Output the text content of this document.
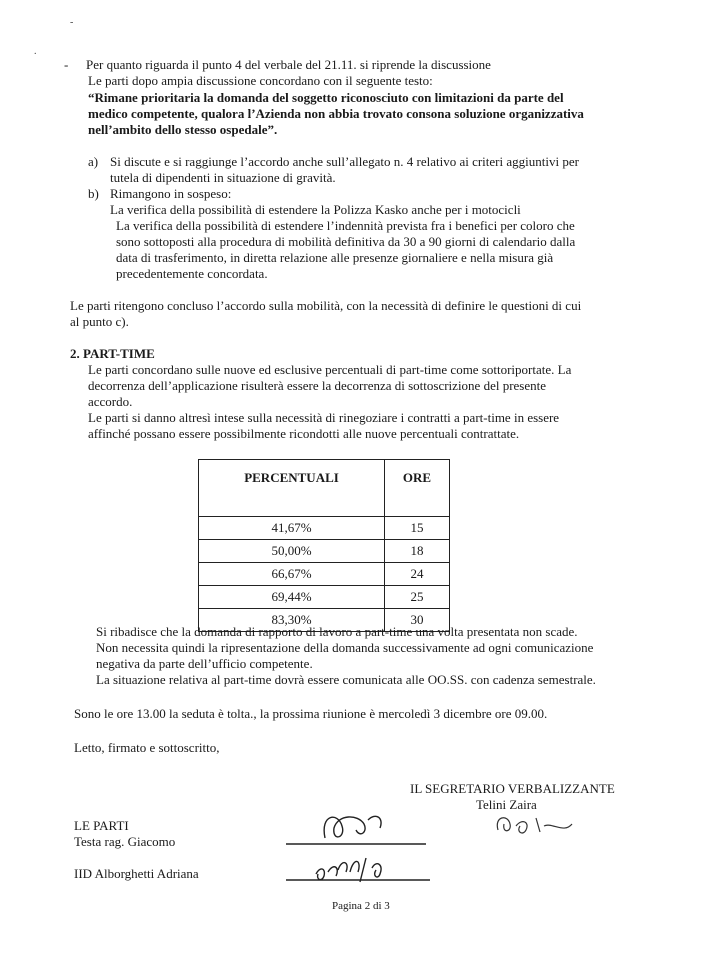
-
.
- Per quanto riguarda il punto 4 del verbale del 21.11. si riprende la discussione
Le parti dopo ampia discussione concordano con il seguente testo:
“Rimane prioritaria la domanda del soggetto riconosciuto con limitazioni da parte del
medico competente, qualora l’Azienda non abbia trovato consona soluzione organizzativa
nell’ambito dello stesso ospedale”.
a) Si discute e si raggiunge l’accordo anche sull’allegato n. 4 relativo ai criteri aggiuntivi per
tutela di dipendenti in situazione di gravità.
b) Rimangono in sospeso:
La verifica della possibilità di estendere la Polizza Kasko anche per i motocicli
La verifica della possibilità di estendere l’indennità prevista fra i benefici per coloro che
sono sottoposti alla procedura di mobilità definitiva da 30 a 90 giorni di calendario dalla
data di trasferimento, in diretta relazione alle presenze giornaliere e nella misura già
precedentemente concordata.
Le parti ritengono concluso l’accordo sulla mobilità, con la necessità di definire le questioni di cui
al punto c).
2. PART-TIME
Le parti concordano sulle nuove ed esclusive percentuali di part-time come sottoriportate. La
decorrenza dell’applicazione risulterà essere la decorrenza di sottoscrizione del presente
accordo.
Le parti si danno altresì intese sulla necessità di rinegoziare i contratti a part-time in essere
affinché possano essere possibilmente ricondotti alle nuove percentuali contrattate.
PERCENTUALI	ORE
41,67%	15
50,00%	18
66,67%	24
69,44%	25
83,30%	30
Si ribadisce che la domanda di rapporto di lavoro a part-time una volta presentata non scade.
Non necessita quindi la ripresentazione della domanda successivamente ad ogni comunicazione
negativa da parte dell’ufficio competente.
La situazione relativa al part-time dovrà essere comunicata alle OO.SS. con cadenza semestrale.
Sono le ore 13.00 la seduta è tolta., la prossima riunione è mercoledì 3 dicembre ore 09.00.
Letto, firmato e sottoscritto,
IL SEGRETARIO VERBALIZZANTE
Telini Zaira
LE PARTI
Testa rag. Giacomo
IID Alborghetti Adriana
Pagina 2 di 3
